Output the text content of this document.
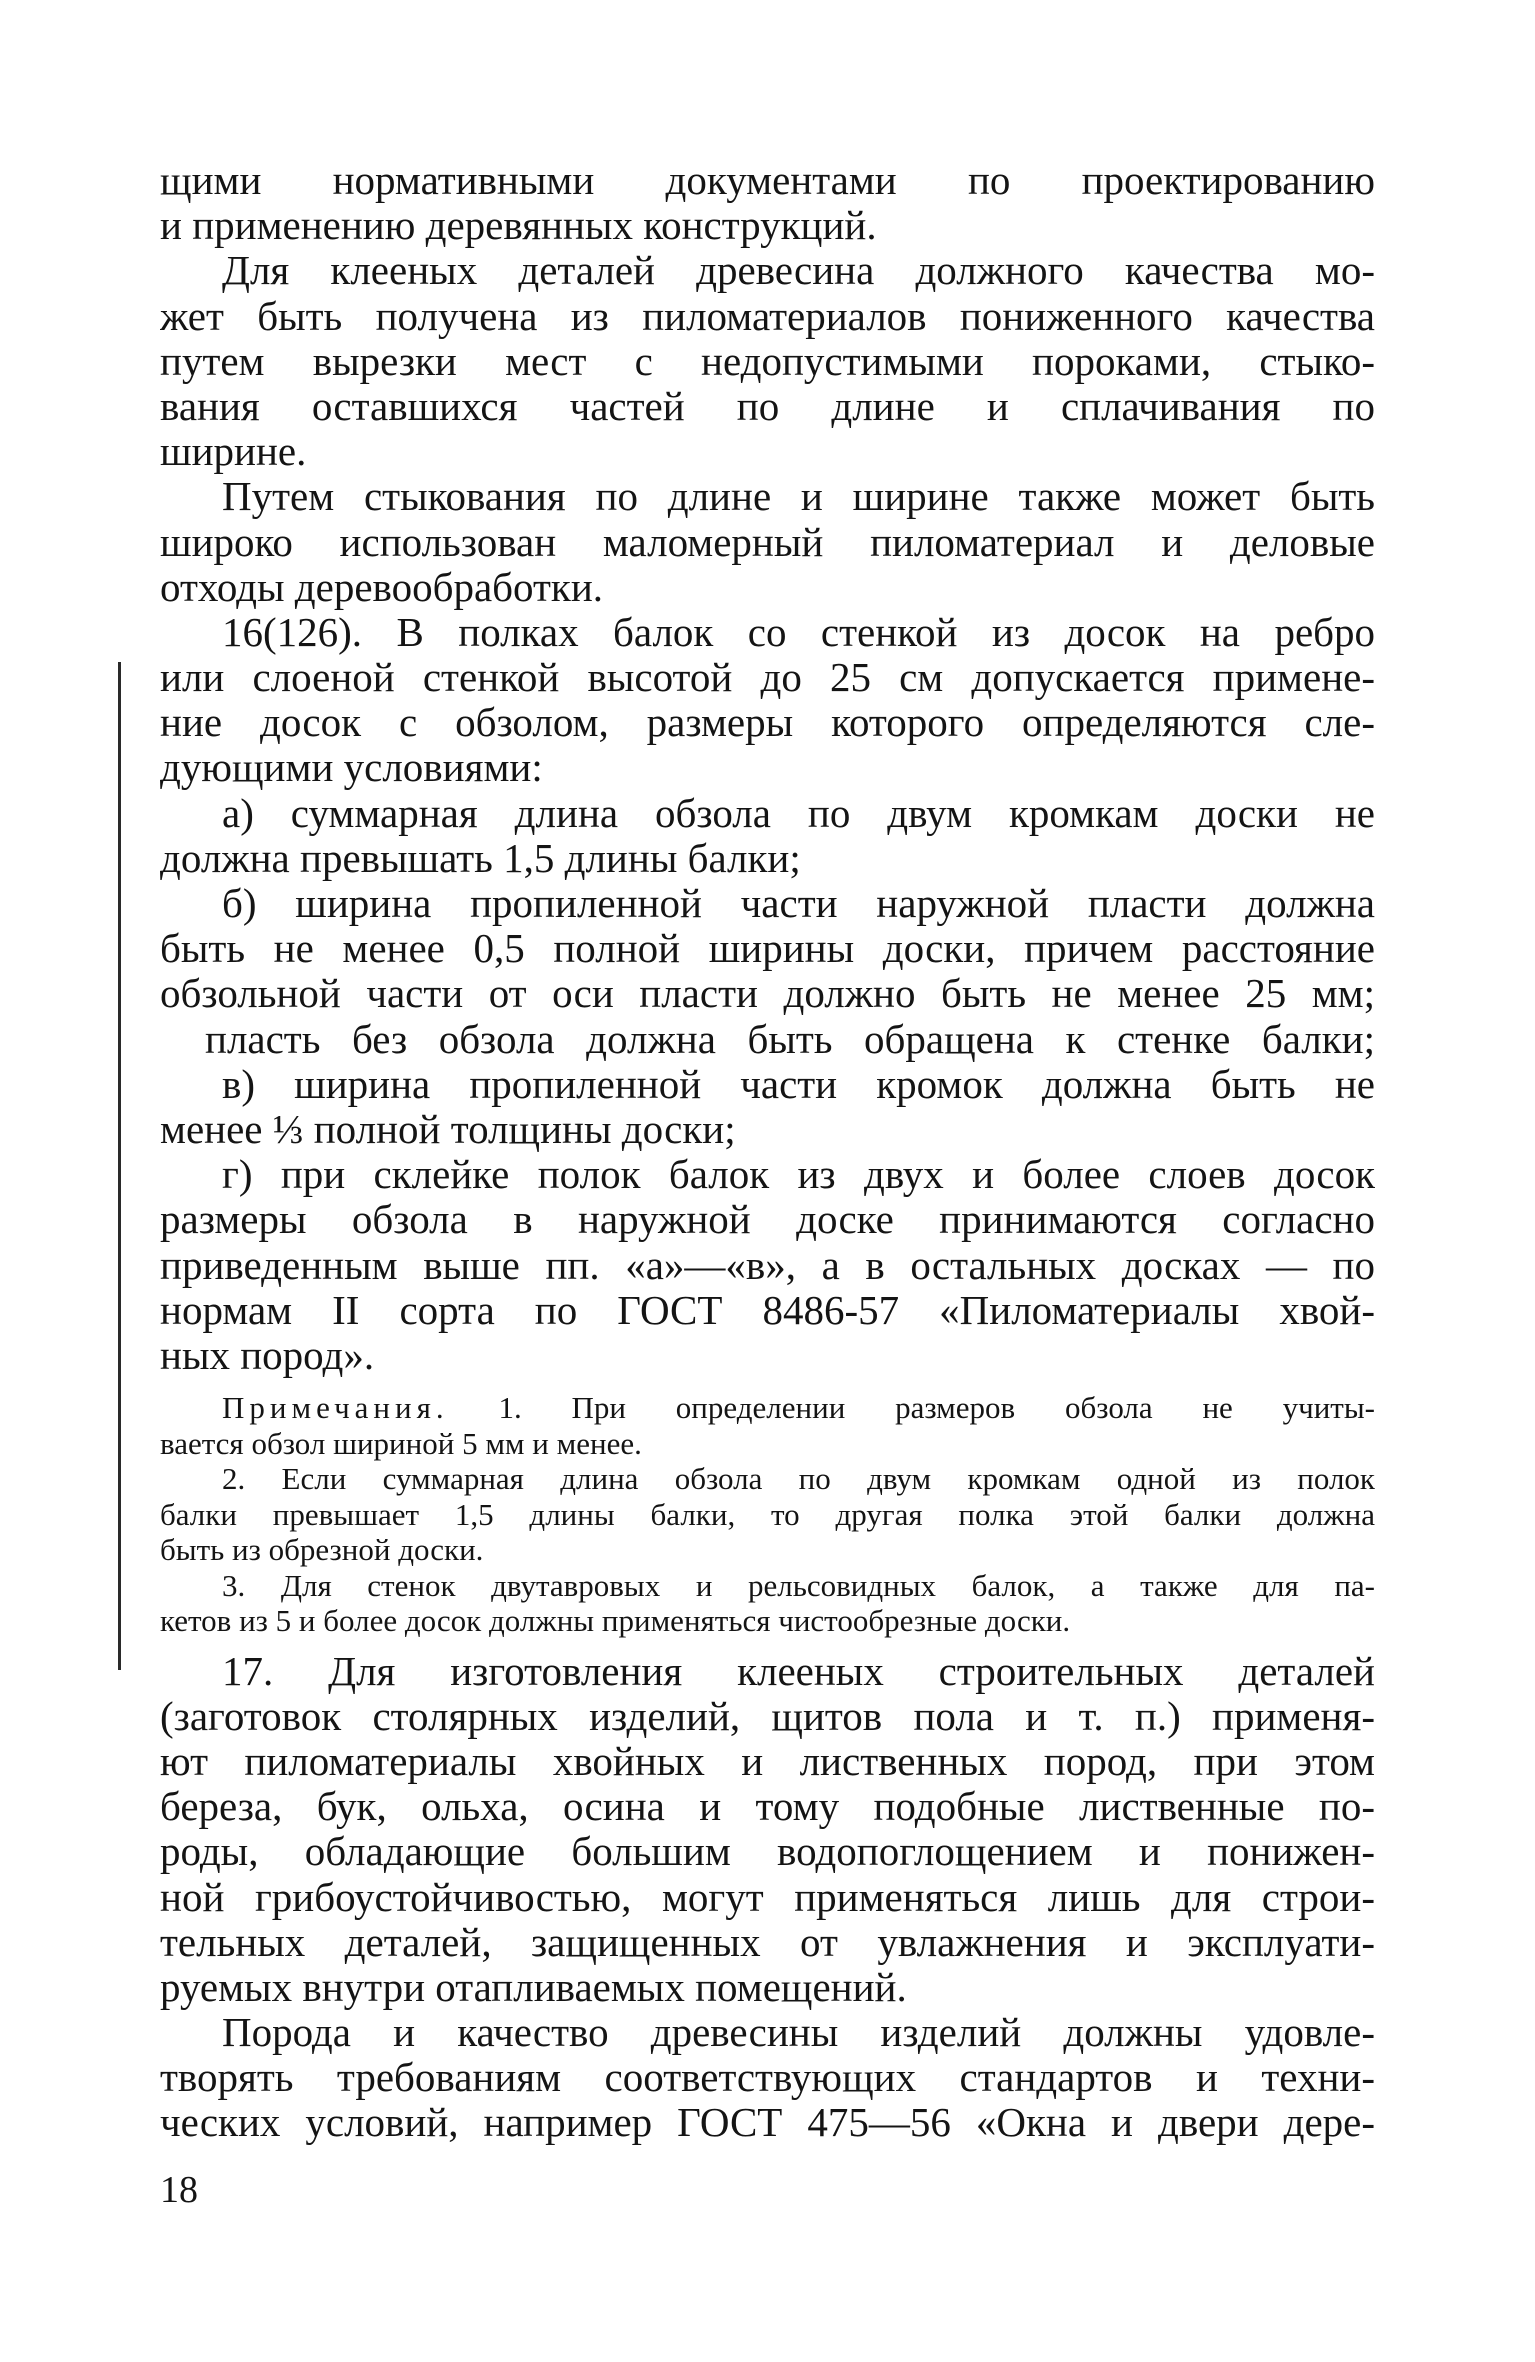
щими нормативными документами по проектированию
и применению деревянных конструкций.
Для клееных деталей древесина должного качества мо-
жет быть получена из пиломатериалов пониженного качества
путем вырезки мест с недопустимыми пороками, стыко-
вания оставшихся частей по длине и сплачивания по
ширине.
Путем стыкования по длине и ширине также может быть
широко использован маломерный пиломатериал и деловые
отходы деревообработки.
16(126). В полках балок со стенкой из досок на ребро
или слоеной стенкой высотой до 25 см допускается примене-
ние досок с обзолом, размеры которого определяются сле-
дующими условиями:
а) суммарная длина обзола по двум кромкам доски не
должна превышать 1,5 длины балки;
б) ширина пропиленной части наружной пласти должна
быть не менее 0,5 полной ширины доски, причем расстояние
обзольной части от оси пласти должно быть не менее 25 мм;
пласть без обзола должна быть обращена к стенке балки;
в) ширина пропиленной части кромок должна быть не
менее ⅓ полной толщины доски;
г) при склейке полок балок из двух и более слоев досок
размеры обзола в наружной доске принимаются согласно
приведенным выше пп. «а»—«в», а в остальных досках — по
нормам II сорта по ГОСТ 8486-57 «Пиломатериалы хвой-
ных пород».
Примечания. 1. При определении размеров обзола не учиты-
вается обзол шириной 5 мм и менее.
2. Если суммарная длина обзола по двум кромкам одной из полок
балки превышает 1,5 длины балки, то другая полка этой балки должна
быть из обрезной доски.
3. Для стенок двутавровых и рельсовидных балок, а также для па-
кетов из 5 и более досок должны применяться чистообрезные доски.
17. Для изготовления клееных строительных деталей
(заготовок столярных изделий, щитов пола и т. п.) применя-
ют пиломатериалы хвойных и лиственных пород, при этом
береза, бук, ольха, осина и тому подобные лиственные по-
роды, обладающие большим водопоглощением и понижен-
ной грибоустойчивостью, могут применяться лишь для строи-
тельных деталей, защищенных от увлажнения и эксплуати-
руемых внутри отапливаемых помещений.
Порода и качество древесины изделий должны удовле-
творять требованиям соответствующих стандартов и техни-
ческих условий, например ГОСТ 475—56 «Окна и двери дере-
18
